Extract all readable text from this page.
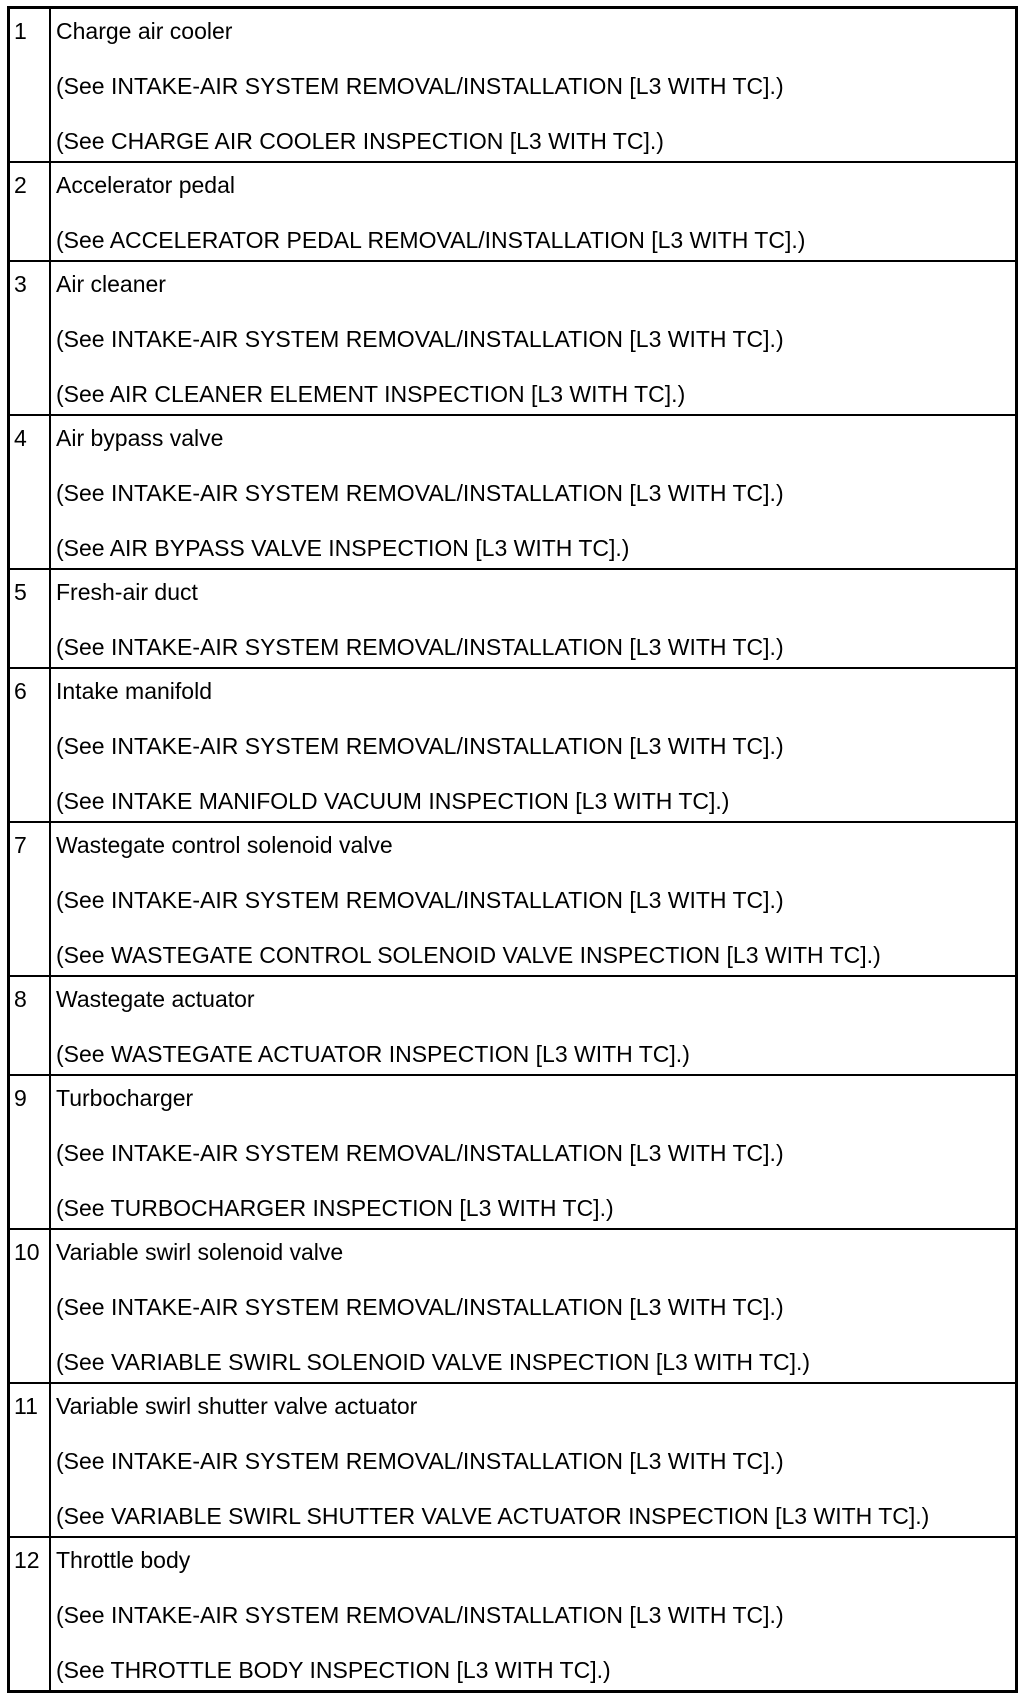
1	Charge air cooler
(See INTAKE-AIR SYSTEM REMOVAL/INSTALLATION [L3 WITH TC].)
(See CHARGE AIR COOLER INSPECTION [L3 WITH TC].)

2	Accelerator pedal
(See ACCELERATOR PEDAL REMOVAL/INSTALLATION [L3 WITH TC].)

3	Air cleaner
(See INTAKE-AIR SYSTEM REMOVAL/INSTALLATION [L3 WITH TC].)
(See AIR CLEANER ELEMENT INSPECTION [L3 WITH TC].)

4	Air bypass valve
(See INTAKE-AIR SYSTEM REMOVAL/INSTALLATION [L3 WITH TC].)
(See AIR BYPASS VALVE INSPECTION [L3 WITH TC].)

5	Fresh-air duct
(See INTAKE-AIR SYSTEM REMOVAL/INSTALLATION [L3 WITH TC].)

6	Intake manifold
(See INTAKE-AIR SYSTEM REMOVAL/INSTALLATION [L3 WITH TC].)
(See INTAKE MANIFOLD VACUUM INSPECTION [L3 WITH TC].)

7	Wastegate control solenoid valve
(See INTAKE-AIR SYSTEM REMOVAL/INSTALLATION [L3 WITH TC].)
(See WASTEGATE CONTROL SOLENOID VALVE INSPECTION [L3 WITH TC].)

8	Wastegate actuator
(See WASTEGATE ACTUATOR INSPECTION [L3 WITH TC].)

9	Turbocharger
(See INTAKE-AIR SYSTEM REMOVAL/INSTALLATION [L3 WITH TC].)
(See TURBOCHARGER INSPECTION [L3 WITH TC].)

10	Variable swirl solenoid valve
(See INTAKE-AIR SYSTEM REMOVAL/INSTALLATION [L3 WITH TC].)
(See VARIABLE SWIRL SOLENOID VALVE INSPECTION [L3 WITH TC].)

11	Variable swirl shutter valve actuator
(See INTAKE-AIR SYSTEM REMOVAL/INSTALLATION [L3 WITH TC].)
(See VARIABLE SWIRL SHUTTER VALVE ACTUATOR INSPECTION [L3 WITH TC].)

12	Throttle body
(See INTAKE-AIR SYSTEM REMOVAL/INSTALLATION [L3 WITH TC].)
(See THROTTLE BODY INSPECTION [L3 WITH TC].)
